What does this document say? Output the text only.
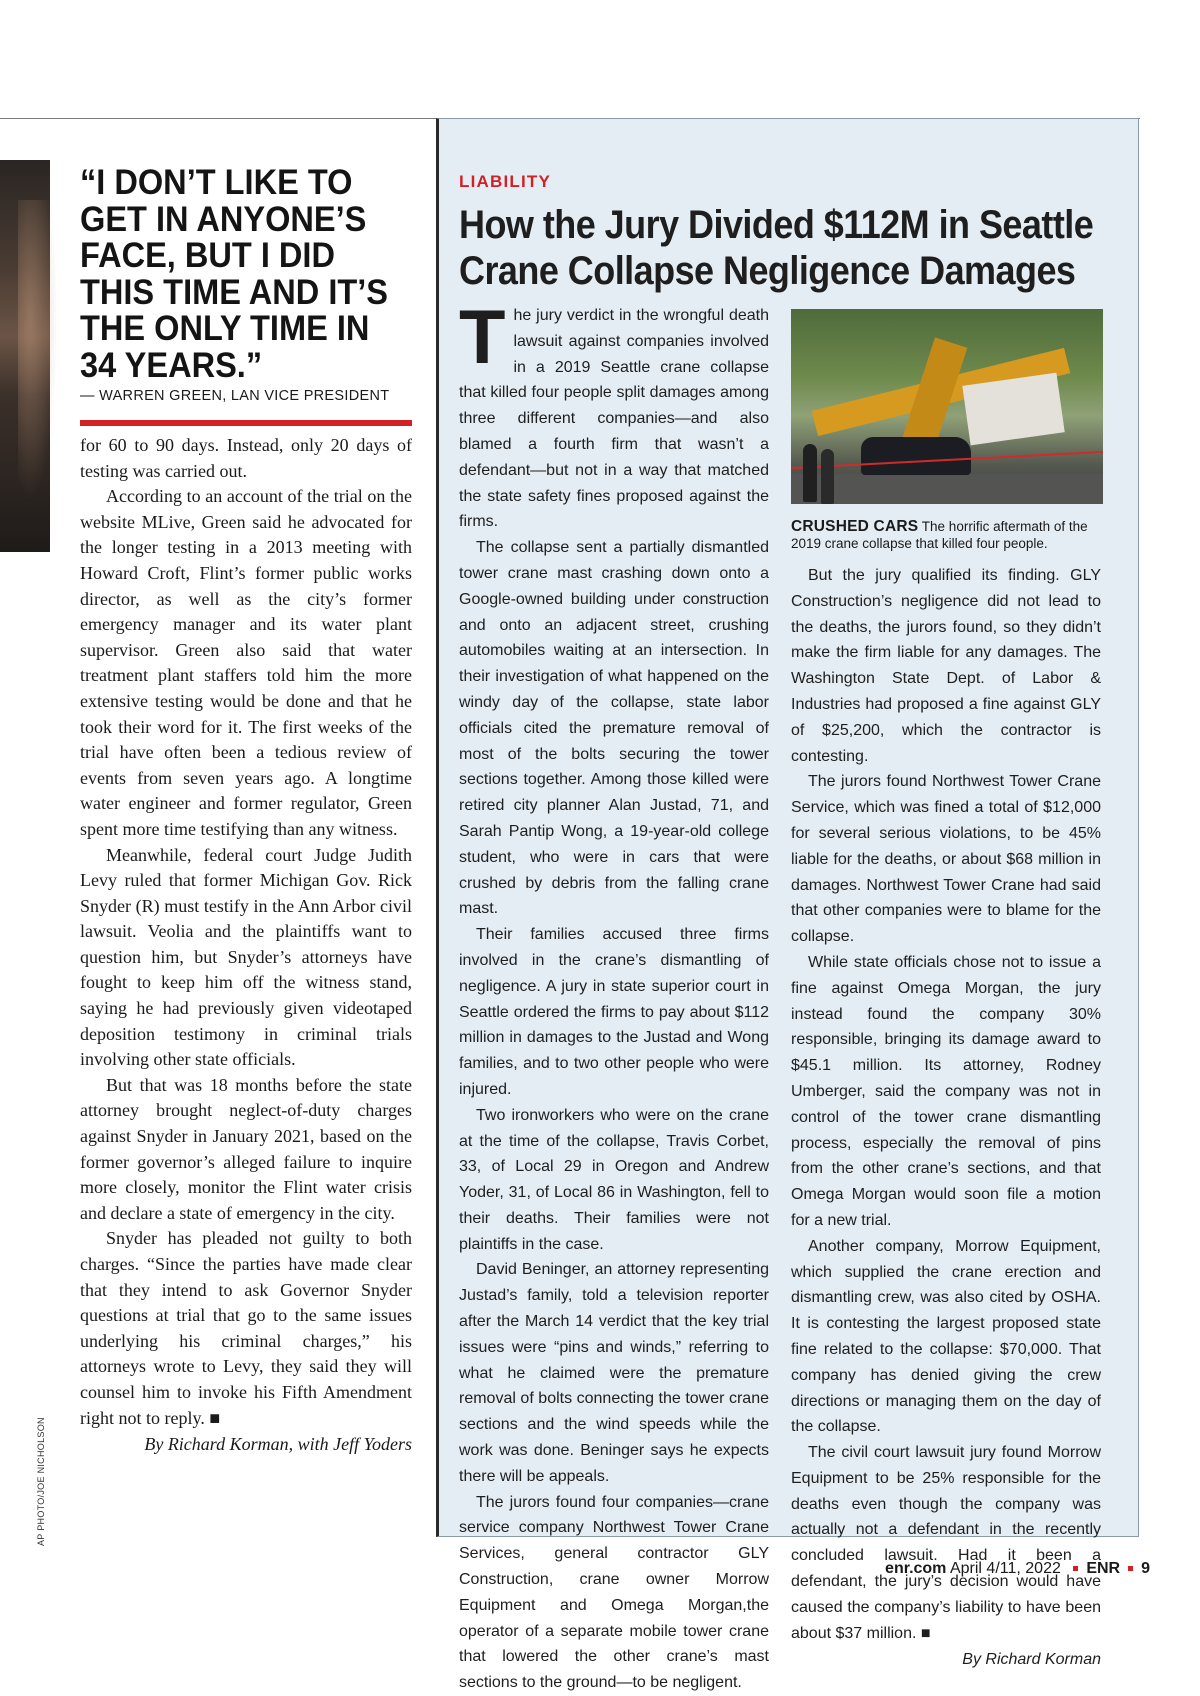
AP PHOTO/JOE NICHOLSON
“I DON’T LIKE TO
GET IN ANYONE’S
FACE, BUT I DID
THIS TIME AND IT’S
THE ONLY TIME IN
34 YEARS.”
— WARREN GREEN, LAN VICE PRESIDENT

for 60 to 90 days. Instead, only 20 days of testing was carried out.

According to an account of the trial on the website MLive, Green said he advocated for the longer testing in a 2013 meeting with Howard Croft, Flint’s former public works director, as well as the city’s former emergency manager and its water plant supervisor. Green also said that water treatment plant staffers told him the more extensive testing would be done and that he took their word for it. The first weeks of the trial have often been a tedious review of events from seven years ago. A longtime water engineer and former regulator, Green spent more time testifying than any witness.

Meanwhile, federal court Judge Judith Levy ruled that former Michigan Gov. Rick Snyder (R) must testify in the Ann Arbor civil lawsuit. Veolia and the plaintiffs want to question him, but Snyder’s attorneys have fought to keep him off the witness stand, saying he had previously given videotaped deposition testimony in criminal trials involving other state officials.

But that was 18 months before the state attorney brought neglect-of-duty charges against Snyder in January 2021, based on the former governor’s alleged failure to inquire more closely, monitor the Flint water crisis and declare a state of emergency in the city.

Snyder has pleaded not guilty to both charges. “Since the parties have made clear that they intend to ask Governor Snyder questions at trial that go to the same issues underlying his criminal charges,” his attorneys wrote to Levy, they said they will counsel him to invoke his Fifth Amendment right not to reply. ■

By Richard Korman, with Jeff Yoders
LIABILITY
How the Jury Divided $112M in Seattle
Crane Collapse Negligence Damages

The jury verdict in the wrongful death lawsuit against companies involved in a 2019 Seattle crane collapse that killed four people split damages among three different companies—and also blamed a fourth firm that wasn’t a defendant—but not in a way that matched the state safety fines proposed against the firms.

The collapse sent a partially dismantled tower crane mast crashing down onto a Google-owned building under construction and onto an adjacent street, crushing automobiles waiting at an intersection. In their investigation of what happened on the windy day of the collapse, state labor officials cited the premature removal of most of the bolts securing the tower sections together. Among those killed were retired city planner Alan Justad, 71, and Sarah Pantip Wong, a 19-year-old college student, who were in cars that were crushed by debris from the falling crane mast.

Their families accused three firms involved in the crane’s dismantling of negligence. A jury in state superior court in Seattle ordered the firms to pay about $112 million in damages to the Justad and Wong families, and to two other people who were injured.

Two ironworkers who were on the crane at the time of the collapse, Travis Corbet, 33, of Local 29 in Oregon and Andrew Yoder, 31, of Local 86 in Washington, fell to their deaths. Their families were not plaintiffs in the case.

David Beninger, an attorney representing Justad’s family, told a television reporter after the March 14 verdict that the key trial issues were “pins and winds,” referring to what he claimed were the premature removal of bolts connecting the tower crane sections and the wind speeds while the work was done. Beninger says he expects there will be appeals.

The jurors found four companies—crane service company Northwest Tower Crane Services, general contractor GLY Construction, crane owner Morrow Equipment and Omega Morgan,the operator of a separate mobile tower crane that lowered the other crane’s mast sections to the ground—to be negligent.

CRUSHED CARS The horrific aftermath of the 2019 crane collapse that killed four people.

But the jury qualified its finding. GLY Construction’s negligence did not lead to the deaths, the jurors found, so they didn’t make the firm liable for any damages. The Washington State Dept. of Labor & Industries had proposed a fine against GLY of $25,200, which the contractor is contesting.

The jurors found Northwest Tower Crane Service, which was fined a total of $12,000 for several serious violations, to be 45% liable for the deaths, or about $68 million in damages. Northwest Tower Crane had said that other companies were to blame for the collapse.

While state officials chose not to issue a fine against Omega Morgan, the jury instead found the company 30% responsible, bringing its damage award to $45.1 million. Its attorney, Rodney Umberger, said the company was not in control of the tower crane dismantling process, especially the removal of pins from the other crane’s sections, and that Omega Morgan would soon file a motion for a new trial.

Another company, Morrow Equipment, which supplied the crane erection and dismantling crew, was also cited by OSHA. It is contesting the largest proposed state fine related to the collapse: $70,000. That company has denied giving the crew directions or managing them on the day of the collapse.

The civil court lawsuit jury found Morrow Equipment to be 25% responsible for the deaths even though the company was actually not a defendant in the recently concluded lawsuit. Had it been a defendant, the jury’s decision would have caused the company’s liability to have been about $37 million. ■

By Richard Korman
enr.com April 4/11, 2022 ENR 9
